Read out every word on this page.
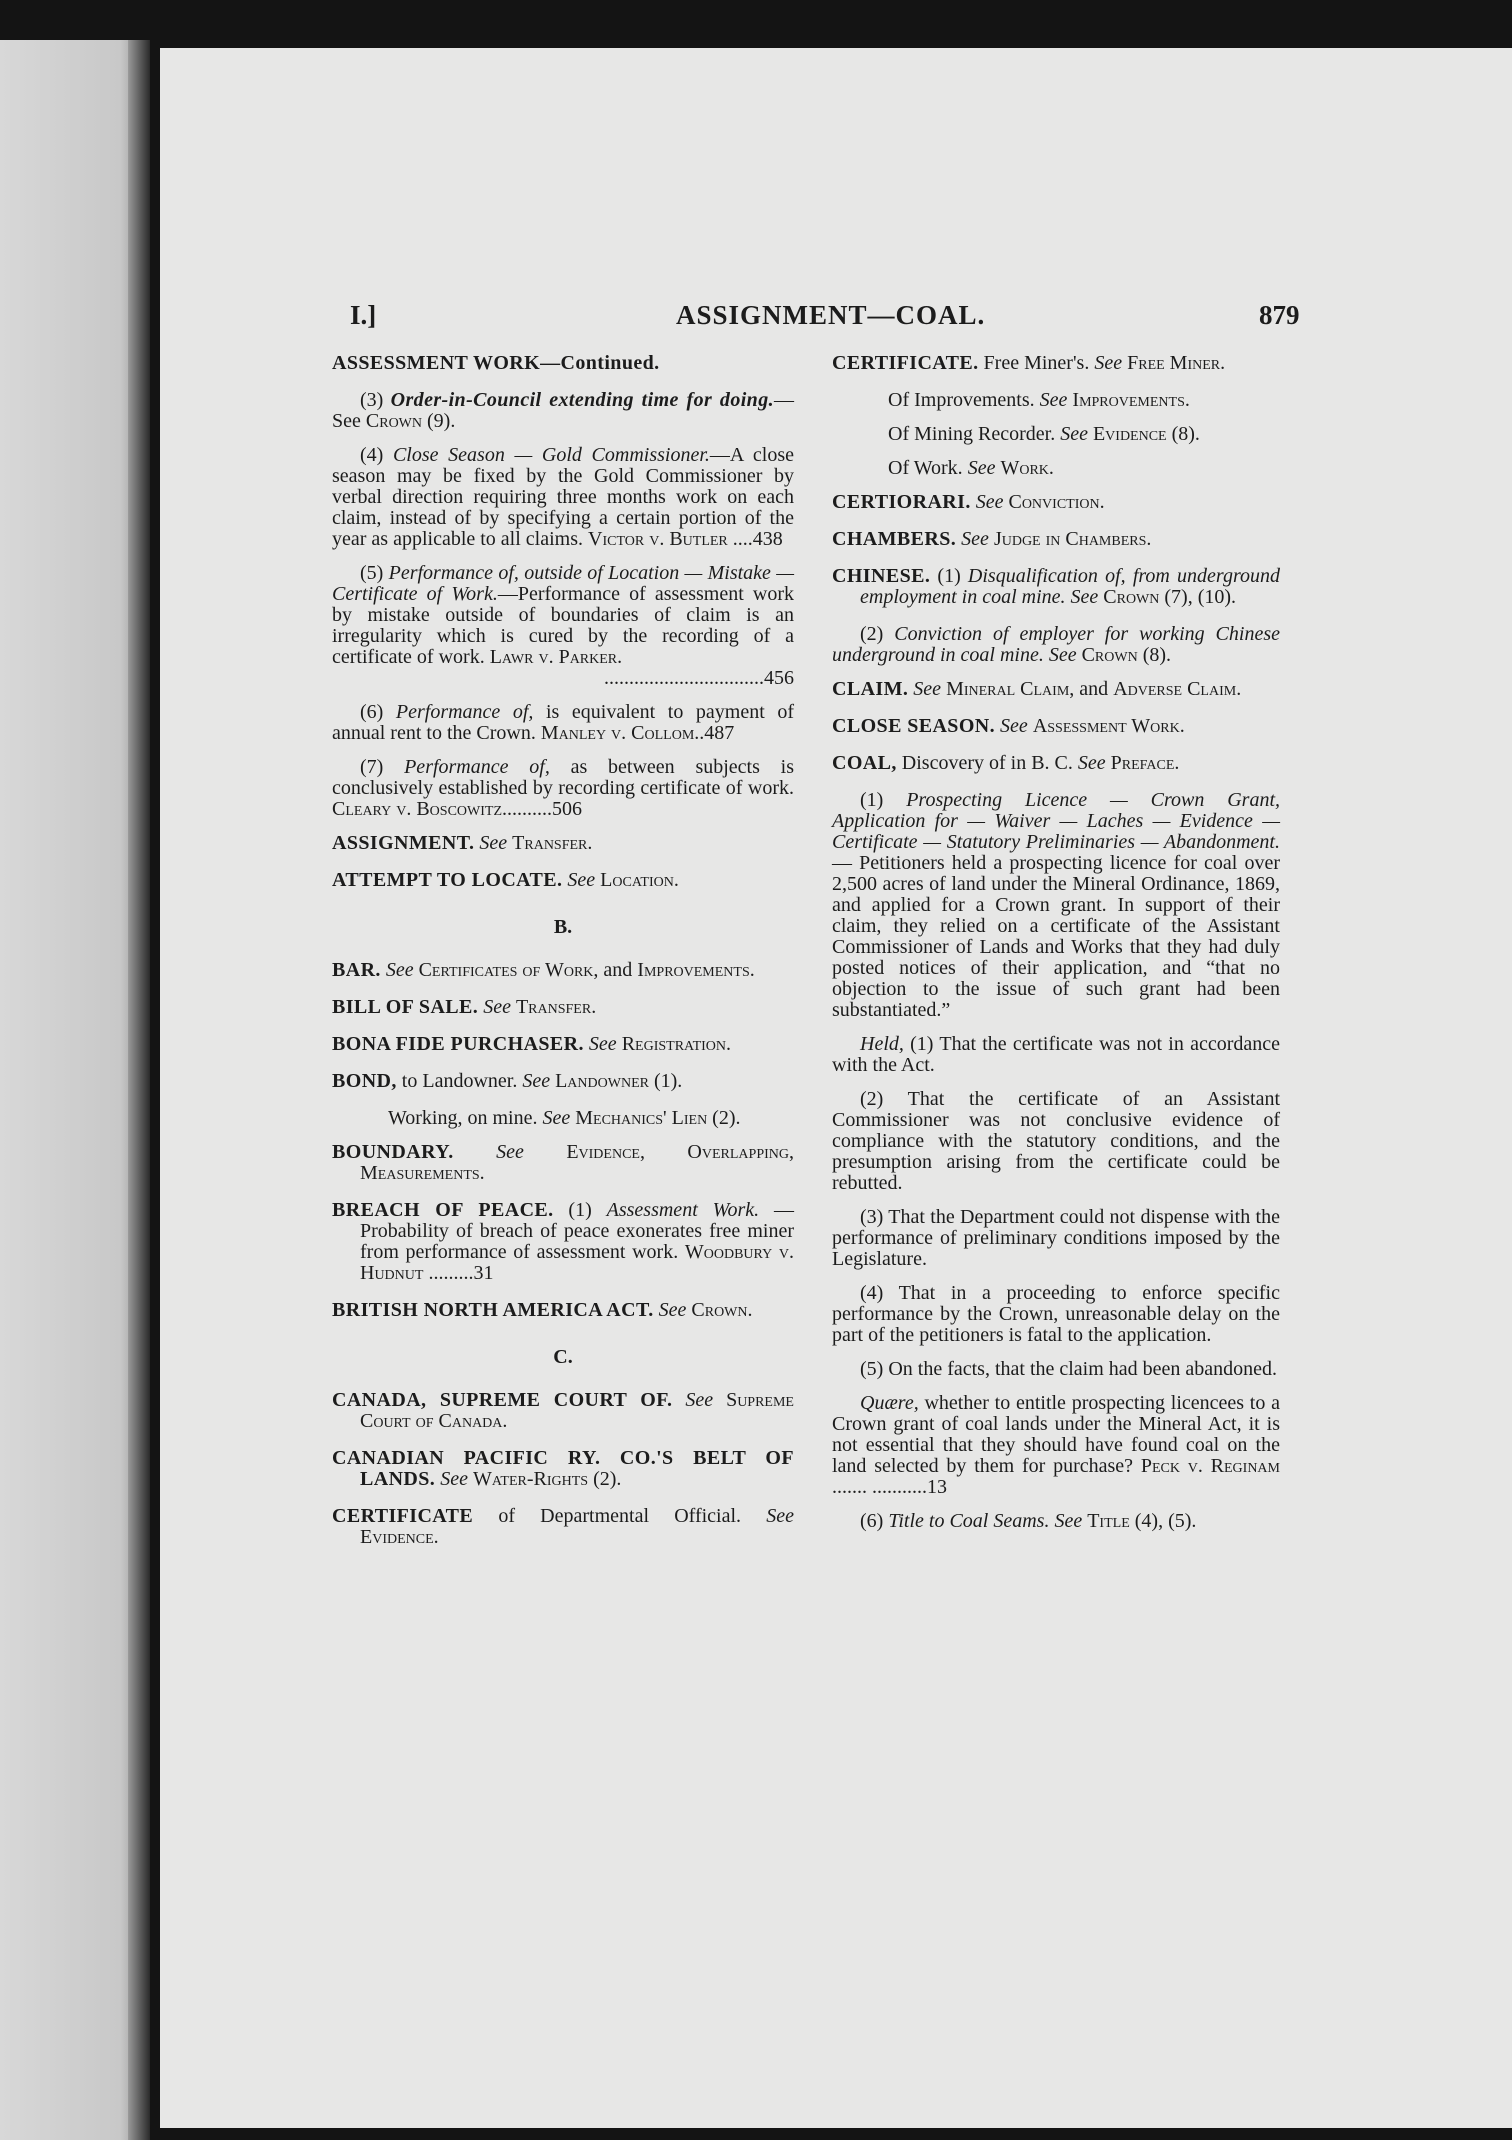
I.]	ASSIGNMENT—COAL.	879

ASSESSMENT WORK—Continued.

(3) Order-in-Council extending time for doing.—See Crown (9).

(4) Close Season — Gold Commissioner.—A close season may be fixed by the Gold Commissioner by verbal direction requiring three months work on each claim, instead of by specifying a certain portion of the year as applicable to all claims. Victor v. Butler ....438

(5) Performance of, outside of Location — Mistake — Certificate of Work.—Performance of assessment work by mistake outside of boundaries of claim is an irregularity which is cured by the recording of a certificate of work. Lawr v. Parker.
................................456

(6) Performance of, is equivalent to payment of annual rent to the Crown. Manley v. Collom..487

(7) Performance of, as between subjects is conclusively established by recording certificate of work. Cleary v. Boscowitz..........506

ASSIGNMENT. See Transfer.

ATTEMPT TO LOCATE. See Location.

B.

BAR. See Certificates of Work, and Improvements.

BILL OF SALE. See Transfer.

BONA FIDE PURCHASER. See Registration.

BOND, to Landowner. See Landowner (1).

Working, on mine. See Mechanics' Lien (2).

BOUNDARY. See Evidence, Overlapping, Measurements.

BREACH OF PEACE. (1) Assessment Work. — Probability of breach of peace exonerates free miner from performance of assessment work. Woodbury v. Hudnut .........31

BRITISH NORTH AMERICA ACT. See Crown.

C.

CANADA, SUPREME COURT OF. See Supreme Court of Canada.

CANADIAN PACIFIC RY. CO.'S BELT OF LANDS. See Water-Rights (2).

CERTIFICATE of Departmental Official. See Evidence.

CERTIFICATE. Free Miner's. See Free Miner.

Of Improvements. See Improvements.

Of Mining Recorder. See Evidence (8).

Of Work. See Work.

CERTIORARI. See Conviction.

CHAMBERS. See Judge in Chambers.

CHINESE. (1) Disqualification of, from underground employment in coal mine. See Crown (7), (10).

(2) Conviction of employer for working Chinese underground in coal mine. See Crown (8).

CLAIM. See Mineral Claim, and Adverse Claim.

CLOSE SEASON. See Assessment Work.

COAL, Discovery of in B. C. See Preface.

(1) Prospecting Licence — Crown Grant, Application for — Waiver — Laches — Evidence — Certificate — Statutory Preliminaries — Abandonment. — Petitioners held a prospecting licence for coal over 2,500 acres of land under the Mineral Ordinance, 1869, and applied for a Crown grant. In support of their claim, they relied on a certificate of the Assistant Commissioner of Lands and Works that they had duly posted notices of their application, and “that no objection to the issue of such grant had been substantiated.”

Held, (1) That the certificate was not in accordance with the Act.

(2) That the certificate of an Assistant Commissioner was not conclusive evidence of compliance with the statutory conditions, and the presumption arising from the certificate could be rebutted.

(3) That the Department could not dispense with the performance of preliminary conditions imposed by the Legislature.

(4) That in a proceeding to enforce specific performance by the Crown, unreasonable delay on the part of the petitioners is fatal to the application.

(5) On the facts, that the claim had been abandoned.

Quære, whether to entitle prospecting licencees to a Crown grant of coal lands under the Mineral Act, it is not essential that they should have found coal on the land selected by them for purchase? Peck v. Reginam ....... ...........13

(6) Title to Coal Seams. See Title (4), (5).
